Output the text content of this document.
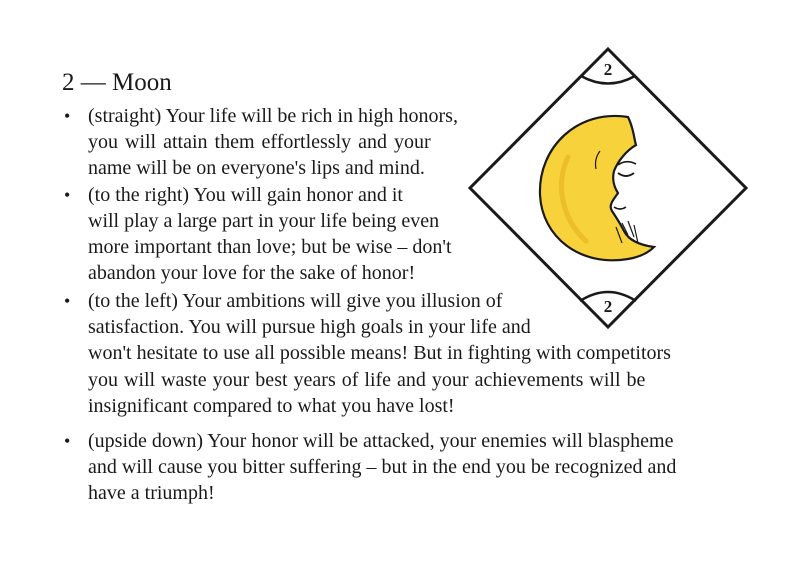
2 — Moon
• (straight) Your life will be rich in high honors,
you will attain them effortlessly and your
name will be on everyone's lips and mind.
• (to the right) You will gain honor and it
will play a large part in your life being even
more important than love; but be wise – don't
abandon your love for the sake of honor!
• (to the left) Your ambitions will give you illusion of
satisfaction. You will pursue high goals in your life and
won't hesitate to use all possible means! But in fighting with competitors
you will waste your best years of life and your achievements will be
insignificant compared to what you have lost!
• (upside down) Your honor will be attacked, your enemies will blaspheme
and will cause you bitter suffering – but in the end you be recognized and
have a triumph!
2
2
